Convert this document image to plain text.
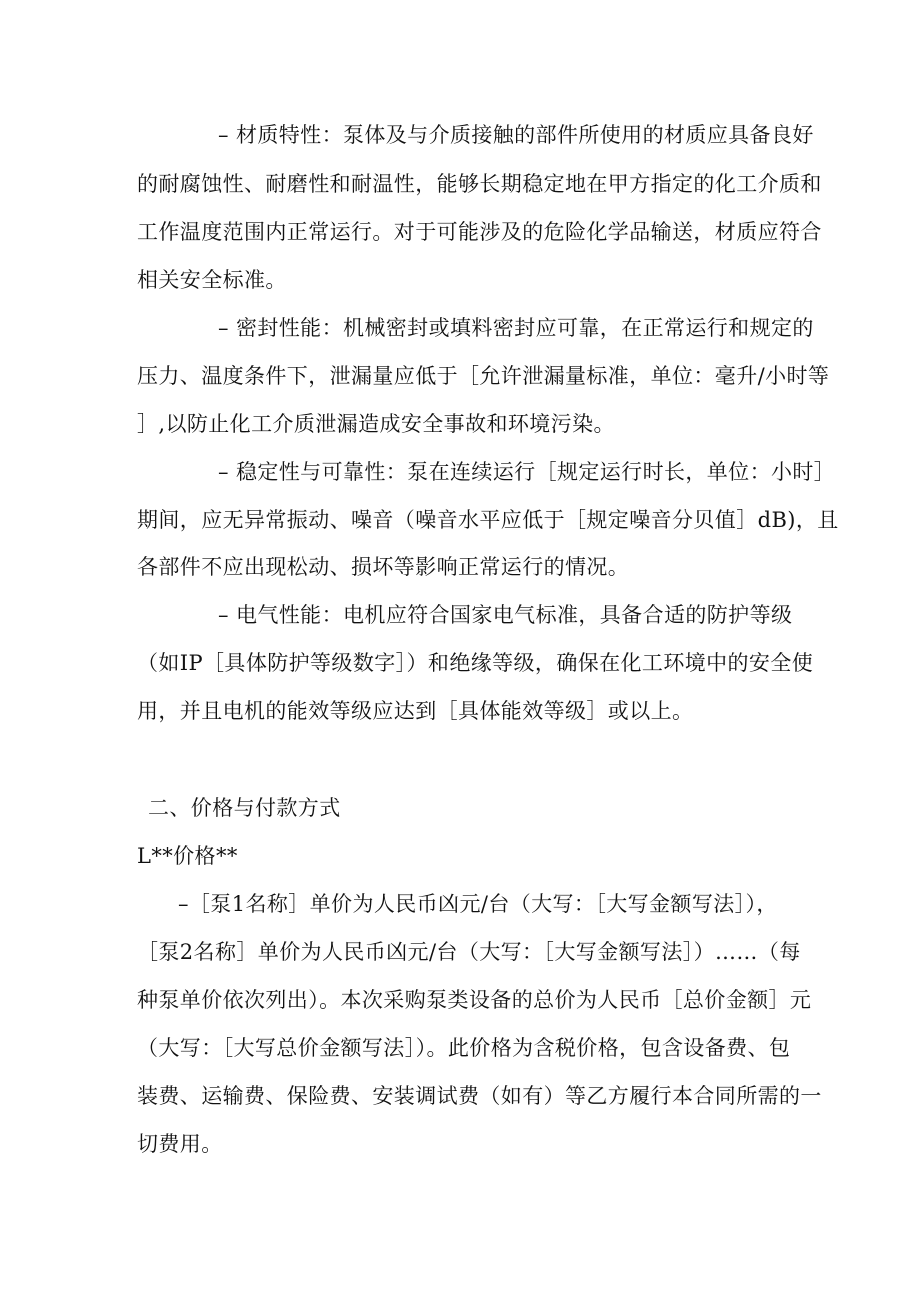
– 材质特性：泵体及与介质接触的部件所使用的材质应具备良好
的耐腐蚀性、耐磨性和耐温性，能够长期稳定地在甲方指定的化工介质和
工作温度范围内正常运行。对于可能涉及的危险化学品输送，材质应符合
相关安全标准。
– 密封性能：机械密封或填料密封应可靠，在正常运行和规定的
压力、温度条件下，泄漏量应低于［允许泄漏量标准，单位：毫升/小时等
］,以防止化工介质泄漏造成安全事故和环境污染。
– 稳定性与可靠性：泵在连续运行［规定运行时长，单位：小时］
期间，应无异常振动、噪音（噪音水平应低于［规定噪音分贝值］dB)，且
各部件不应出现松动、损坏等影响正常运行的情况。
– 电气性能：电机应符合国家电气标准，具备合适的防护等级
（如IP［具体防护等级数字］）和绝缘等级，确保在化工环境中的安全使
用，并且电机的能效等级应达到［具体能效等级］或以上。
二、价格与付款方式
L**价格**
–［泵1名称］单价为人民币凶元/台（大写：［大写金额写法］），
［泵2名称］单价为人民币凶元/台（大写：［大写金额写法］）……（每
种泵单价依次列出）。本次采购泵类设备的总价为人民币［总价金额］元
（大写：［大写总价金额写法］）。此价格为含税价格，包含设备费、包
装费、运输费、保险费、安装调试费（如有）等乙方履行本合同所需的一
切费用。
